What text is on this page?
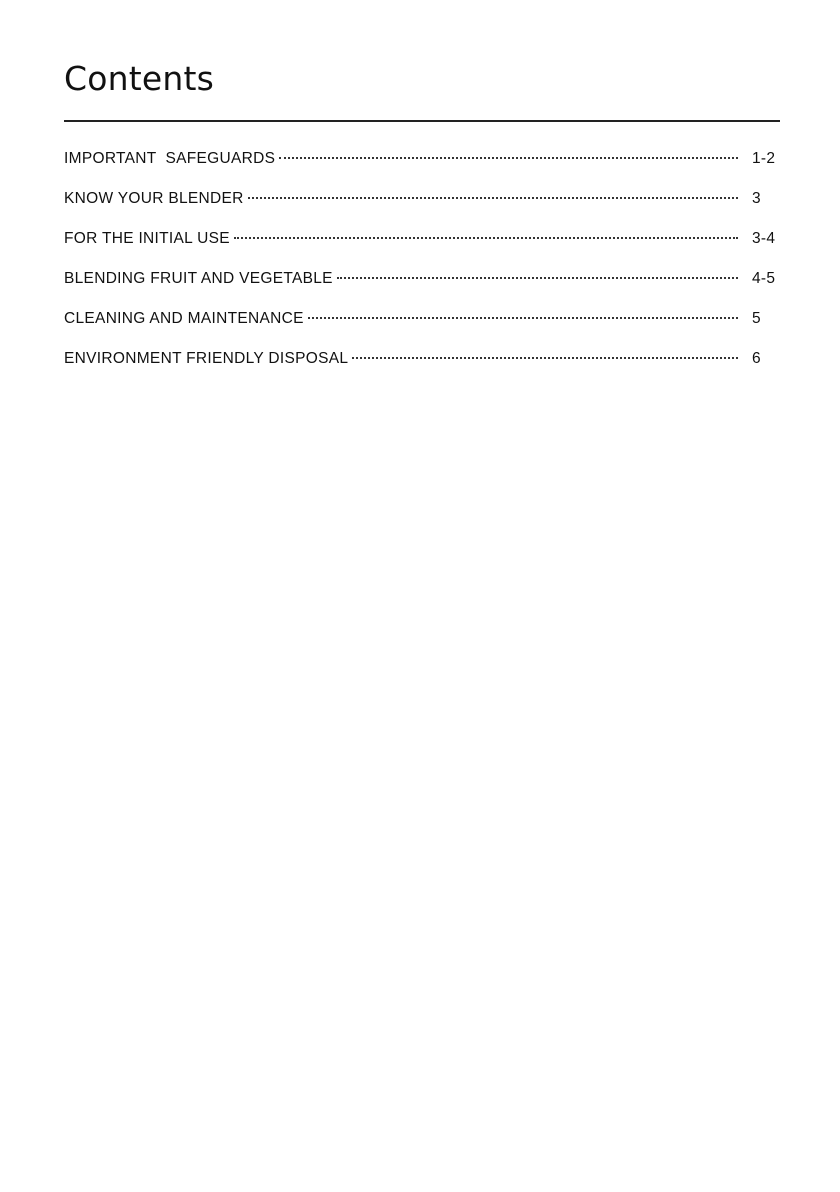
Contents
IMPORTANT  SAFEGUARDS	1-2
KNOW YOUR BLENDER	3
FOR THE INITIAL USE	3-4
BLENDING FRUIT AND VEGETABLE	4-5
CLEANING AND MAINTENANCE	5
ENVIRONMENT FRIENDLY DISPOSAL	6
